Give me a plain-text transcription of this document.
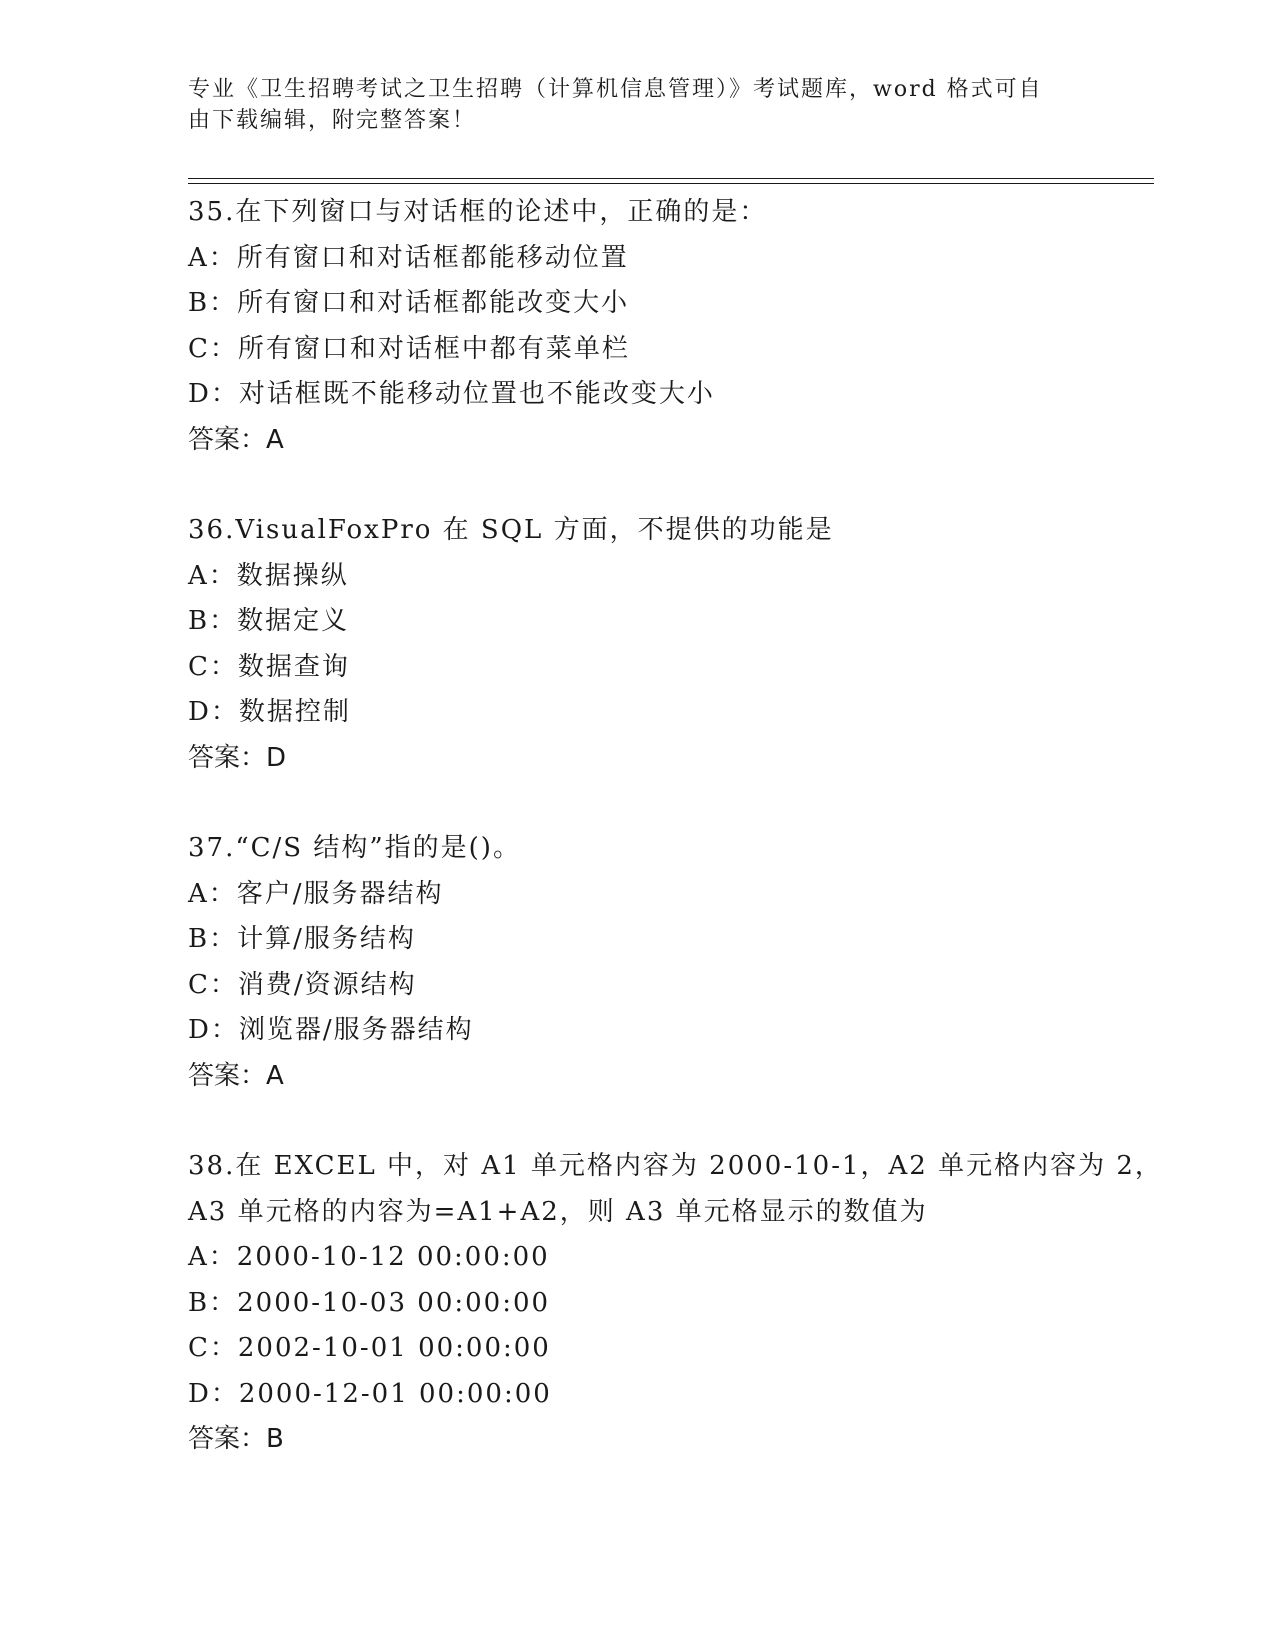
专业《卫生招聘考试之卫生招聘（计算机信息管理）》考试题库，word 格式可自
由下载编辑，附完整答案！
35.在下列窗口与对话框的论述中，正确的是：
A：所有窗口和对话框都能移动位置
B：所有窗口和对话框都能改变大小
C：所有窗口和对话框中都有菜单栏
D：对话框既不能移动位置也不能改变大小
答案：A
36.VisualFoxPro 在 SQL 方面，不提供的功能是
A：数据操纵
B：数据定义
C：数据查询
D：数据控制
答案：D
37.“C/S 结构”指的是()。
A：客户/服务器结构
B：计算/服务结构
C：消费/资源结构
D：浏览器/服务器结构
答案：A
38.在 EXCEL 中，对 A1 单元格内容为 2000-10-1，A2 单元格内容为 2，
A3 单元格的内容为=A1+A2，则 A3 单元格显示的数值为
A：2000-10-12 00:00:00
B：2000-10-03 00:00:00
C：2002-10-01 00:00:00
D：2000-12-01 00:00:00
答案：B
